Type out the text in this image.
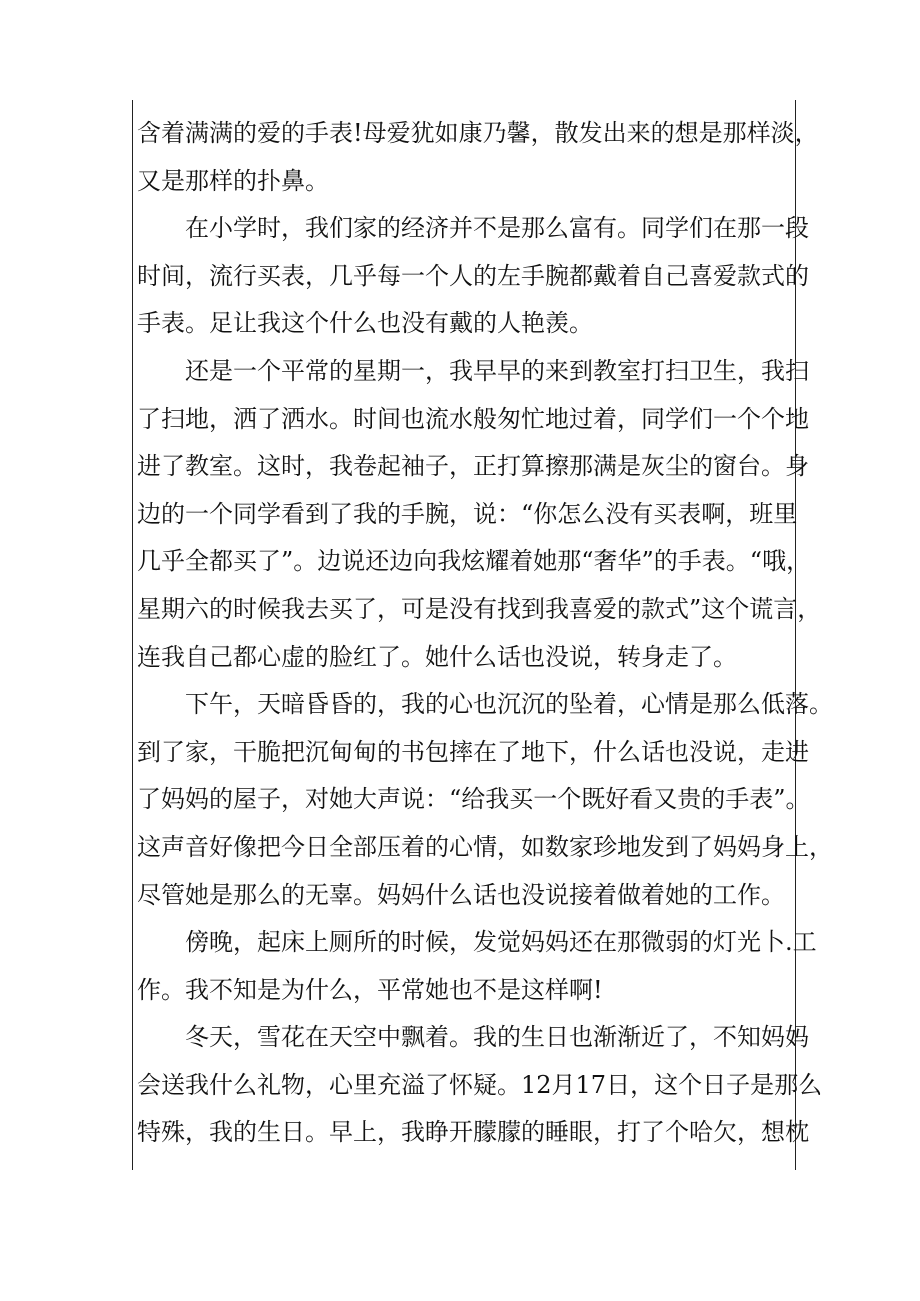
含着满满的爱的手表!母爱犹如康乃馨，散发出来的想是那样淡，
又是那样的扑鼻。
在小学时，我们家的经济并不是那么富有。同学们在那一段
时间，流行买表，几乎每一个人的左手腕都戴着自己喜爱款式的
手表。足让我这个什么也没有戴的人艳羡。
还是一个平常的星期一，我早早的来到教室打扫卫生，我扫
了扫地，洒了洒水。时间也流水般匆忙地过着，同学们一个个地
进了教室。这时，我卷起袖子，正打算擦那满是灰尘的窗台。身
边的一个同学看到了我的手腕，说：“你怎么没有买表啊，班里
几乎全都买了”。边说还边向我炫耀着她那“奢华”的手表。“哦，
星期六的时候我去买了，可是没有找到我喜爱的款式”这个谎言，
连我自己都心虚的脸红了。她什么话也没说，转身走了。
下午，天暗昏昏的，我的心也沉沉的坠着，心情是那么低落。
到了家，干脆把沉甸甸的书包摔在了地下，什么话也没说，走进
了妈妈的屋子，对她大声说：“给我买一个既好看又贵的手表”。
这声音好像把今日全部压着的心情，如数家珍地发到了妈妈身上，
尽管她是那么的无辜。妈妈什么话也没说接着做着她的工作。
傍晚，起床上厕所的时候，发觉妈妈还在那微弱的灯光卜.工
作。我不知是为什么，平常她也不是这样啊!
冬天，雪花在天空中飘着。我的生日也渐渐近了，不知妈妈
会送我什么礼物，心里充溢了怀疑。12月17日，这个日子是那么
特殊，我的生日。早上，我睁开朦朦的睡眼，打了个哈欠，想枕
